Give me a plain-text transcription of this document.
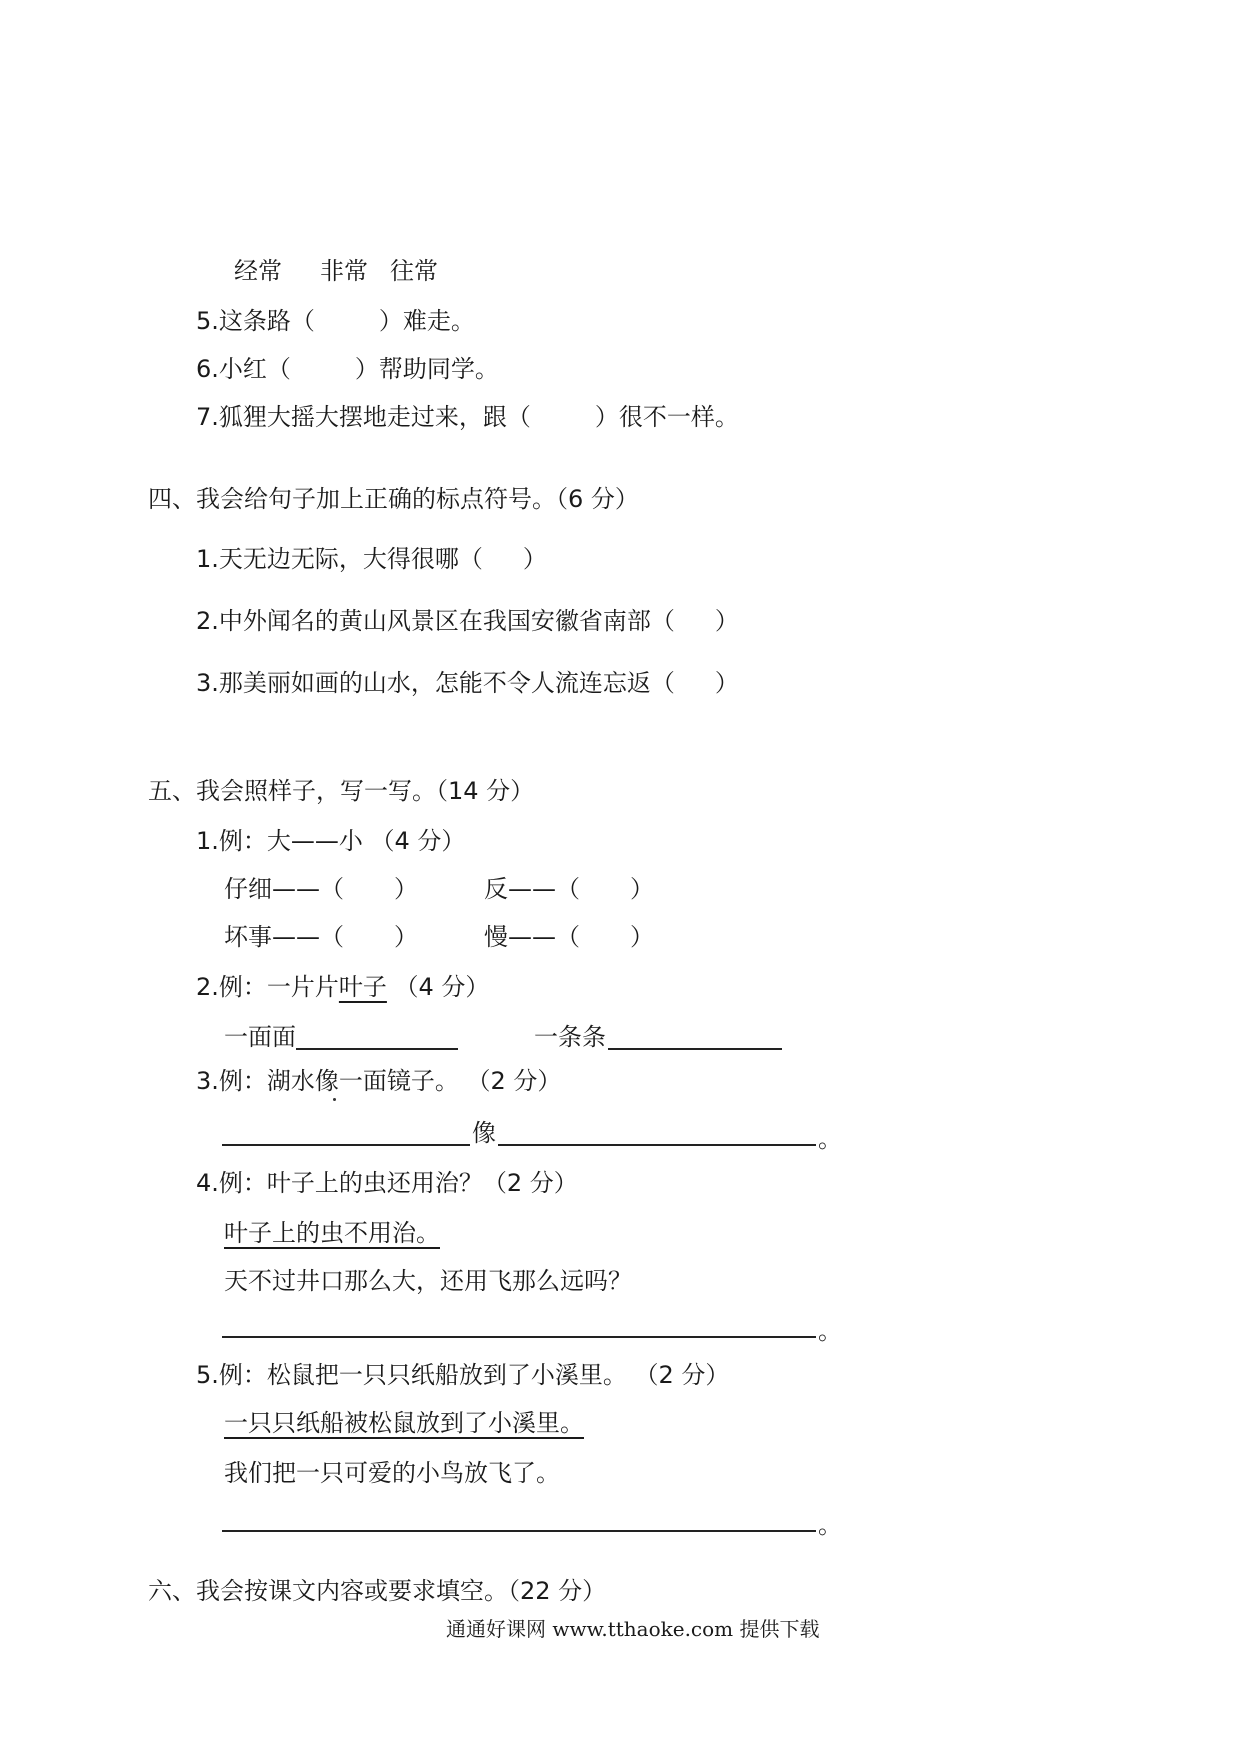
经常 非常 往常
5.这条路（	）难走。
6.小红（	）帮助同学。
7.狐狸大摇大摆地走过来，跟（	）很不一样。
四、我会给句子加上正确的标点符号。（6 分）
1.天无边无际，大得很哪（ ）
2.中外闻名的黄山风景区在我国安徽省南部（ ）
3.那美丽如画的山水，怎能不令人流连忘返（ ）
五、我会照样子，写一写。（14 分）
1.例：大——小 （4 分）
仔细——（ ）	反——（ ）
坏事——（ ）	慢——（ ）
2.例：一片片叶子 （4 分）
一面面	一条条
3.例：湖水像一面镜子。 （2 分）
像	。
4.例：叶子上的虫还用治？（2 分）
叶子上的虫不用治。
天不过井口那么大，还用飞那么远吗？
。
5.例：松鼠把一只只纸船放到了小溪里。 （2 分）
一只只纸船被松鼠放到了小溪里。
我们把一只可爱的小鸟放飞了。
。
六、我会按课文内容或要求填空。（22 分）
通通好课网 www.tthaoke.com 提供下载
